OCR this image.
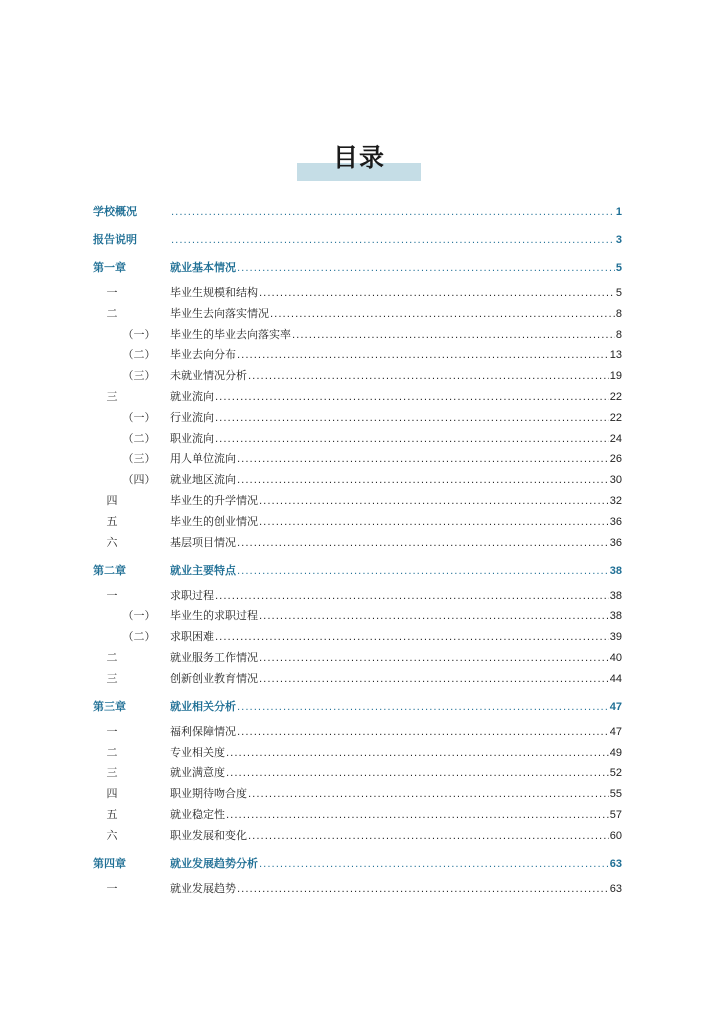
目录
学校概况 .....	1
报告说明 .....	3
第一章	就业基本情况 .....	5
一	毕业生规模和结构 .....	5
二	毕业生去向落实情况 .....	8
（一） 毕业生的毕业去向落实率 .....	8
（二） 毕业去向分布 .....	13
（三） 未就业情况分析 .....	19
三	就业流向 .....	22
（一） 行业流向 .....	22
（二） 职业流向 .....	24
（三） 用人单位流向 .....	26
（四） 就业地区流向 .....	30
四	毕业生的升学情况 .....	32
五	毕业生的创业情况 .....	36
六	基层项目情况 .....	36
第二章	就业主要特点 .....	38
一	求职过程 .....	38
（一） 毕业生的求职过程 .....	38
（二） 求职困难 .....	39
二	就业服务工作情况 .....	40
三	创新创业教育情况 .....	44
第三章	就业相关分析 .....	47
一	福利保障情况 .....	47
二	专业相关度 .....	49
三	就业满意度 .....	52
四	职业期待吻合度 .....	55
五	就业稳定性 .....	57
六	职业发展和变化 .....	60
第四章	就业发展趋势分析 .....	63
一	就业发展趋势 .....	63
